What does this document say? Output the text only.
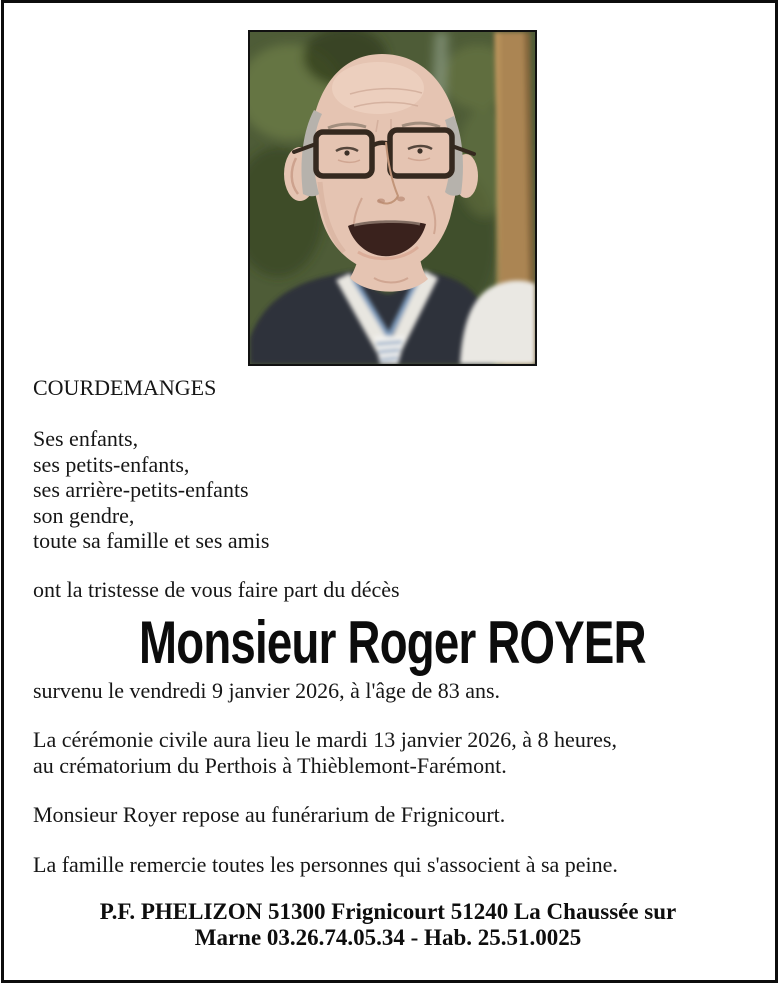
COURDEMANGES
Ses enfants,
ses petits-enfants,
ses arrière-petits-enfants
son gendre,
toute sa famille et ses amis
ont la tristesse de vous faire part du décès
Monsieur Roger ROYER
survenu le vendredi 9 janvier 2026, à l'âge de 83 ans.
La cérémonie civile aura lieu le mardi 13 janvier 2026, à 8 heures,
au crématorium du Perthois à Thièblemont-Farémont.
Monsieur Royer repose au funérarium de Frignicourt.
La famille remercie toutes les personnes qui s'associent à sa peine.
P.F. PHELIZON 51300 Frignicourt 51240 La Chaussée sur
Marne 03.26.74.05.34 - Hab. 25.51.0025
